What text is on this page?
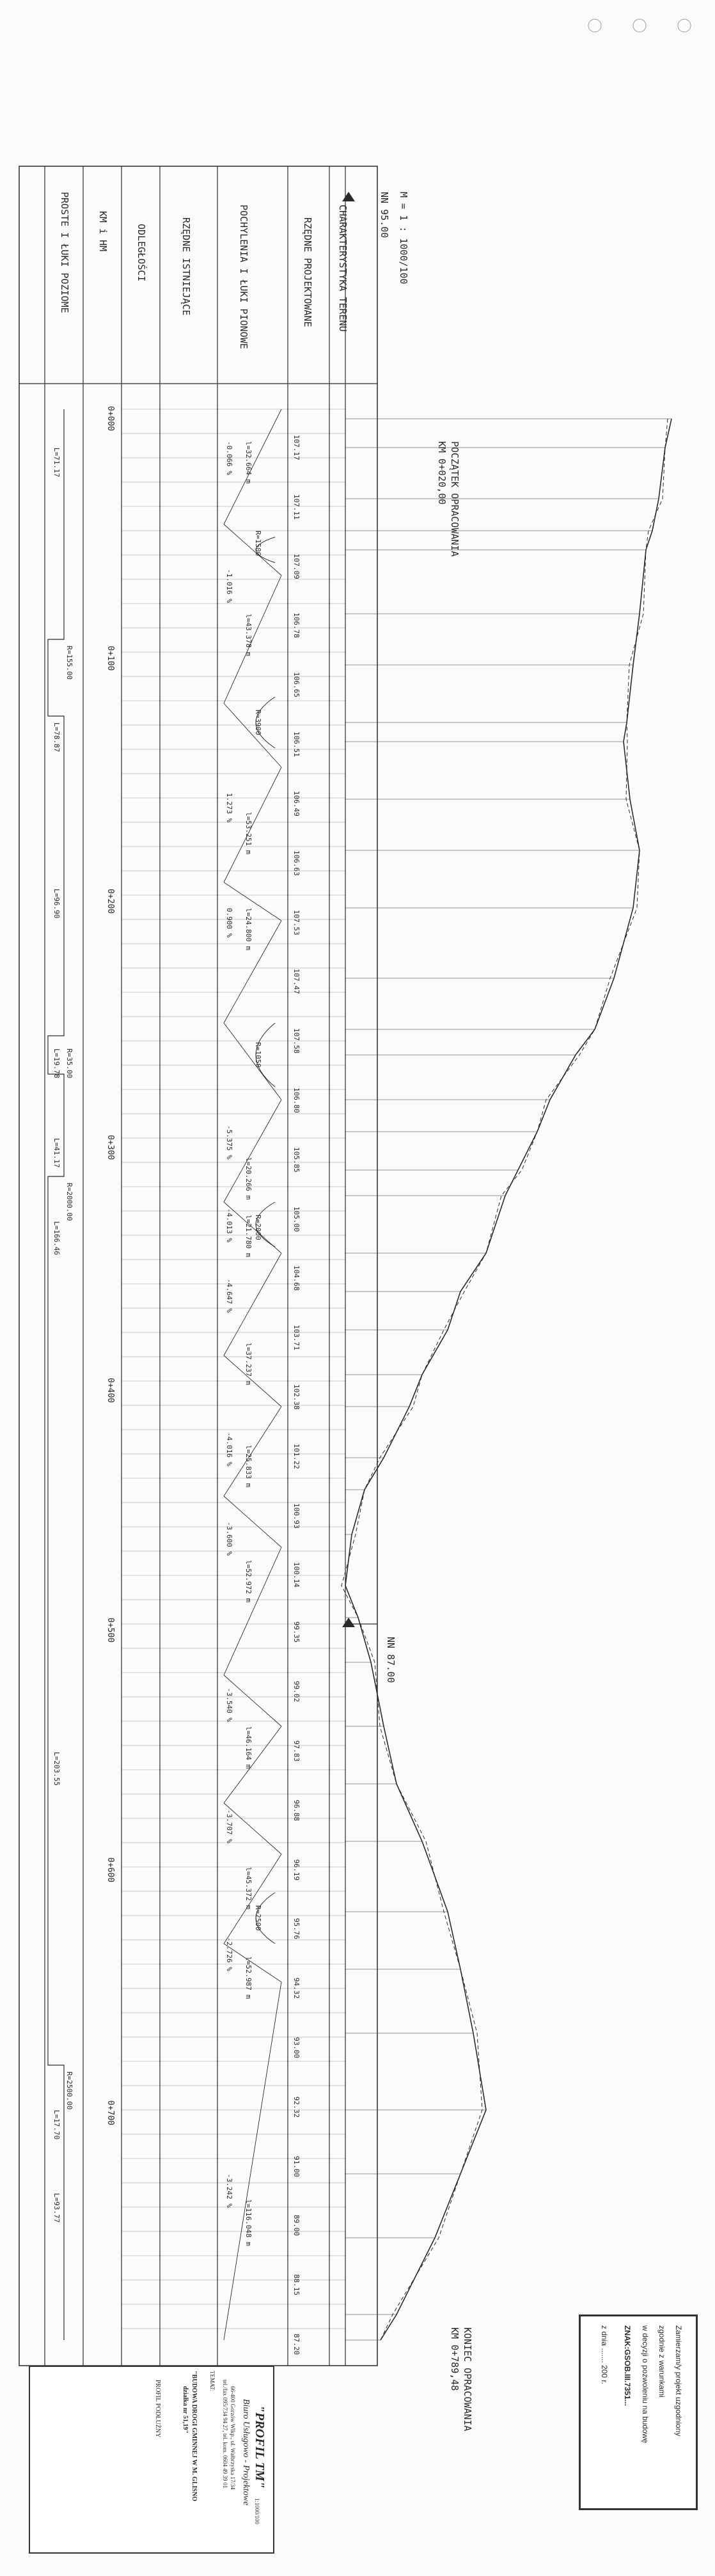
M = 1 : 1000/100
NN 95.00
NN 87.00
POCZĄTEK OPRACOWANIA
KM 0+020,00
KONIEC OPRACOWANIA
KM 0+789,48
CHARAKTERYSTYKA TERENU
RZĘDNE PROJEKTOWANE
POCHYLENIA I ŁUKI PIONOWE
RZĘDNE ISTNIEJĄCE
ODLEGŁOŚCI
KM i HM
PROSTE I ŁUKI POZIOME
0+000
0+100
0+200
0+300
0+400
0+500
0+600
0+700
-0.066 % l=32.664 m
-1.016 %
l=43.378 m
1.273 %
l=53.251 m
0.900 % l=24.800 m
-5.375 %
l=20.266 m
-4.013 % l=21.780 m
-4.647 %
l=37.237 m
-4.016 % l=25.833 m
-3.600 %
l=52.972 m
-3.540 %
l=46.164 m
-3.707 %
l=45.372 m
-2.726 %
l=52.987 m
-3.242 %
l=116.048 m
R=1500
R=3900
R=1050
R=2000
R=2500
L=71.17
R=155.00
L=78.87
L=96.90
R=35.00
L=19.78
L=41.17
R=2000.00
L=166.46
L=203.55
R=2500.00
L=17.70
L=93.77
107.17
107.11
107.09
106.78
106.65
106.51
106.49
106.63
107.53
107.47
107.58
106.80
105.85
105.00
104.68
103.71
102.38
101.22
100.93
100.14
99.35
99.02
97.83
96.88
96.19
95.76
94.32
93.00
92.32
91.00
89.00
88.15
87.20	Zamierzam/y projekt uzgodniony
zgodnie z warunkami
w decyzji o pozwoleniu na budowę
ZNAK:GSOB.III.7351...
z dnia ....... 200 r.
"PROFIL TM"
Biuro Usługowo - Projektowe
66-400 Gorzów Wlkp., ul. Wałbrzyska 17/34
tel./fax 095/734 94 27, tel. kom. 0604 49 39 01
TEMAT:
"BUDOWA DROGI GMINNEJ W M. GLISNO
działka nr 51,19"
PROFIL PODŁUŻNY
1:1000/100
